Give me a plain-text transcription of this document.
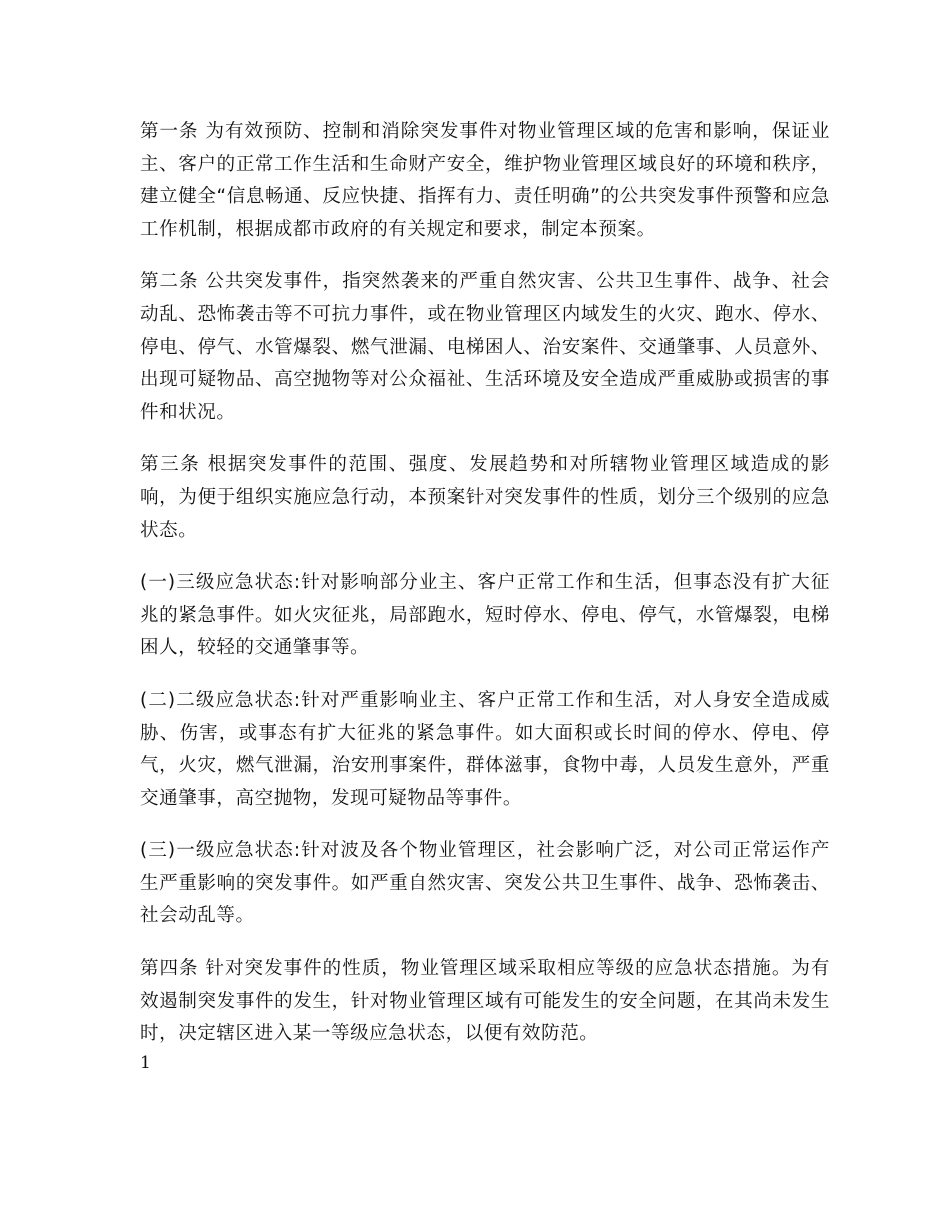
第一条 为有效预防、控制和消除突发事件对物业管理区域的危害和影响，保证业主、客户的正常工作生活和生命财产安全，维护物业管理区域良好的环境和秩序，建立健全“信息畅通、反应快捷、指挥有力、责任明确”的公共突发事件预警和应急工作机制，根据成都市政府的有关规定和要求，制定本预案。

第二条 公共突发事件，指突然袭来的严重自然灾害、公共卫生事件、战争、社会动乱、恐怖袭击等不可抗力事件，或在物业管理区内域发生的火灾、跑水、停水、停电、停气、水管爆裂、燃气泄漏、电梯困人、治安案件、交通肇事、人员意外、出现可疑物品、高空抛物等对公众福祉、生活环境及安全造成严重威胁或损害的事件和状况。

第三条 根据突发事件的范围、强度、发展趋势和对所辖物业管理区域造成的影响，为便于组织实施应急行动，本预案针对突发事件的性质，划分三个级别的应急状态。

(一)三级应急状态:针对影响部分业主、客户正常工作和生活，但事态没有扩大征兆的紧急事件。如火灾征兆，局部跑水，短时停水、停电、停气，水管爆裂，电梯困人，较轻的交通肇事等。

(二)二级应急状态:针对严重影响业主、客户正常工作和生活，对人身安全造成威胁、伤害，或事态有扩大征兆的紧急事件。如大面积或长时间的停水、停电、停气，火灾，燃气泄漏，治安刑事案件，群体滋事，食物中毒，人员发生意外，严重交通肇事，高空抛物，发现可疑物品等事件。

(三)一级应急状态:针对波及各个物业管理区，社会影响广泛，对公司正常运作产生严重影响的突发事件。如严重自然灾害、突发公共卫生事件、战争、恐怖袭击、社会动乱等。

第四条 针对突发事件的性质，物业管理区域采取相应等级的应急状态措施。为有效遏制突发事件的发生，针对物业管理区域有可能发生的安全问题，在其尚未发生时，决定辖区进入某一等级应急状态，以便有效防范。

1
